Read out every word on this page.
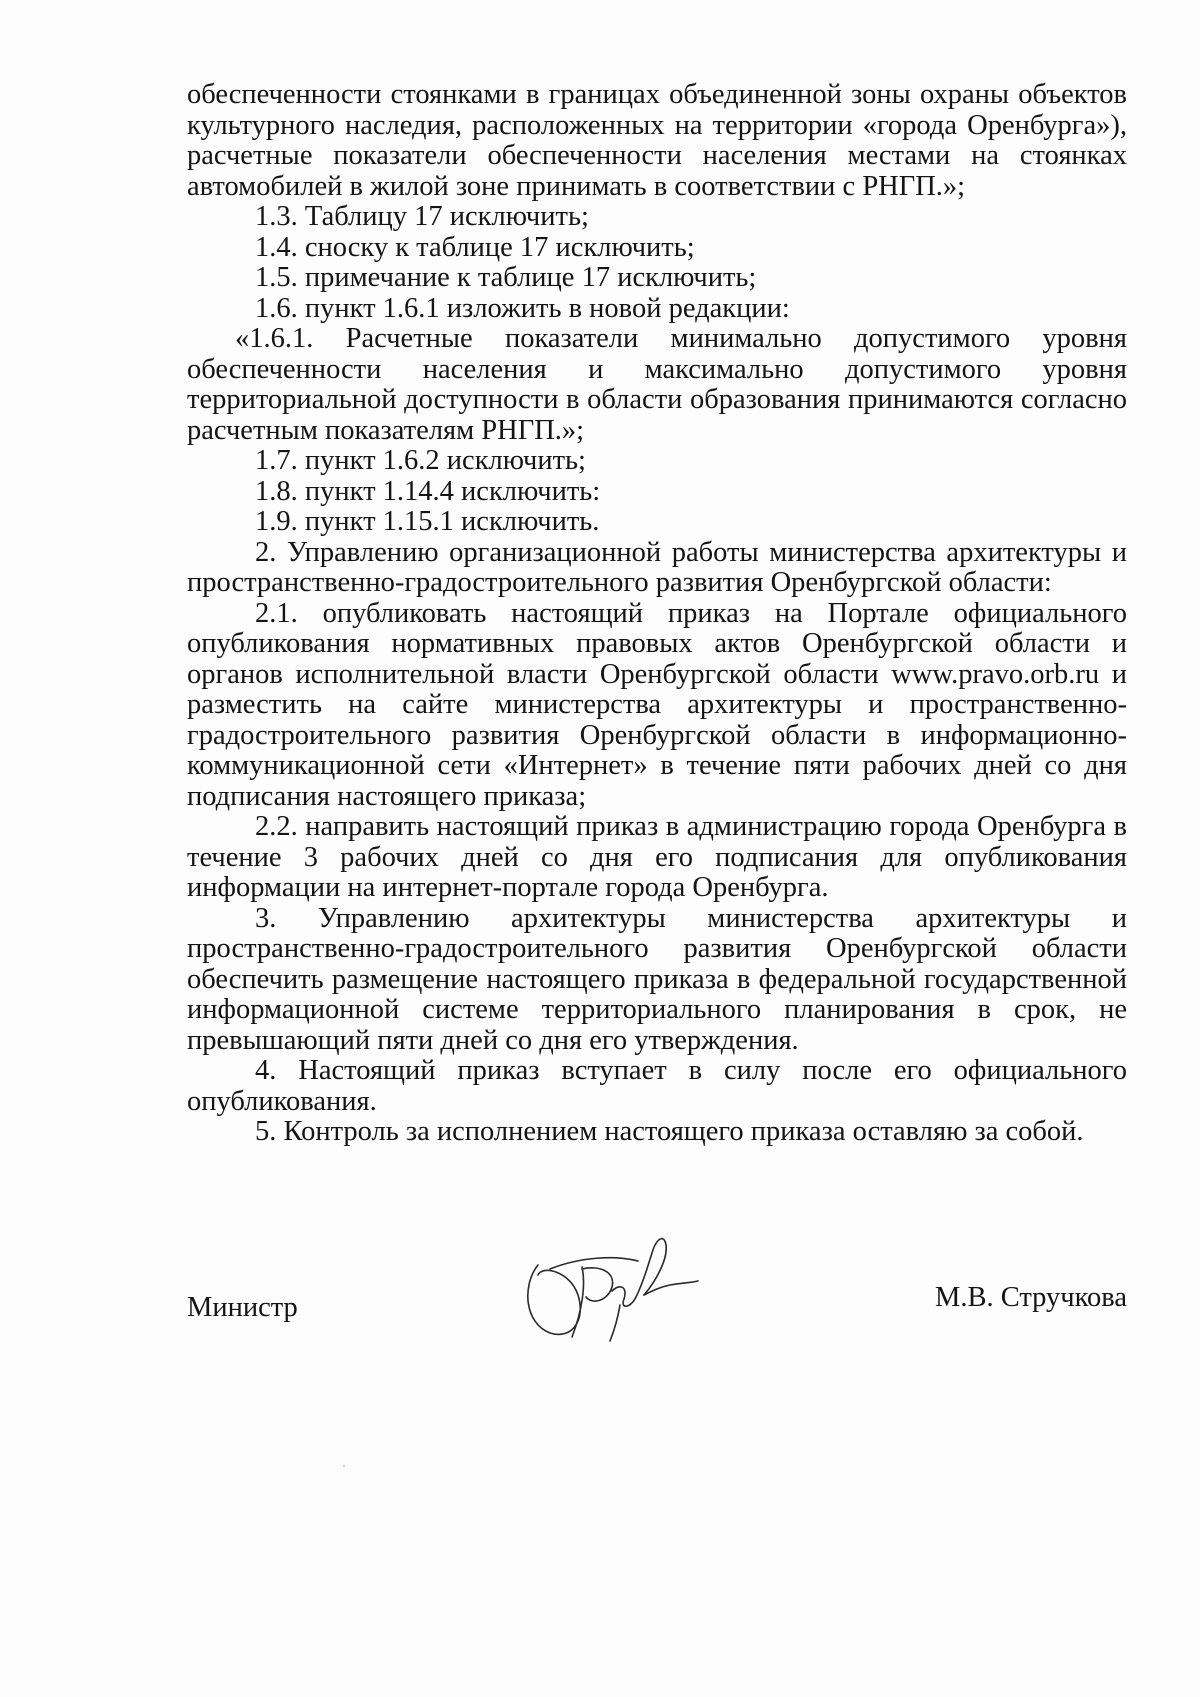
обеспеченности стоянками в границах объединенной зоны охраны объектов культурного наследия, расположенных на территории «города Оренбурга»), расчетные показатели обеспеченности населения местами на стоянках автомобилей в жилой зоне принимать в соответствии с РНГП.»;

1.3. Таблицу 17 исключить;

1.4. сноску к таблице 17 исключить;

1.5. примечание к таблице 17 исключить;

1.6. пункт 1.6.1 изложить в новой редакции:

«1.6.1. Расчетные показатели минимально допустимого уровня обеспеченности населения и максимально допустимого уровня территориальной доступности в области образования принимаются согласно расчетным показателям РНГП.»;

1.7. пункт 1.6.2 исключить;

1.8. пункт 1.14.4 исключить:

1.9. пункт 1.15.1 исключить.

2. Управлению организационной работы министерства архитектуры и пространственно-градостроительного развития Оренбургской области:

2.1. опубликовать настоящий приказ на Портале официального опубликования нормативных правовых актов Оренбургской области и органов исполнительной власти Оренбургской области www.pravo.orb.ru и разместить на сайте министерства архитектуры и пространственно-градостроительного развития Оренбургской области в информационно-коммуникационной сети «Интернет» в течение пяти рабочих дней со дня подписания настоящего приказа;

2.2. направить настоящий приказ в администрацию города Оренбурга в течение 3 рабочих дней со дня его подписания для опубликования информации на интернет-портале города Оренбурга.

3. Управлению архитектуры министерства архитектуры и пространственно-градостроительного развития Оренбургской области обеспечить размещение настоящего приказа в федеральной государственной информационной системе территориального планирования в срок, не превышающий пяти дней со дня его утверждения.

4. Настоящий приказ вступает в силу после его официального опубликования.

5. Контроль за исполнением настоящего приказа оставляю за собой.

Министр	М.В. Стручкова
